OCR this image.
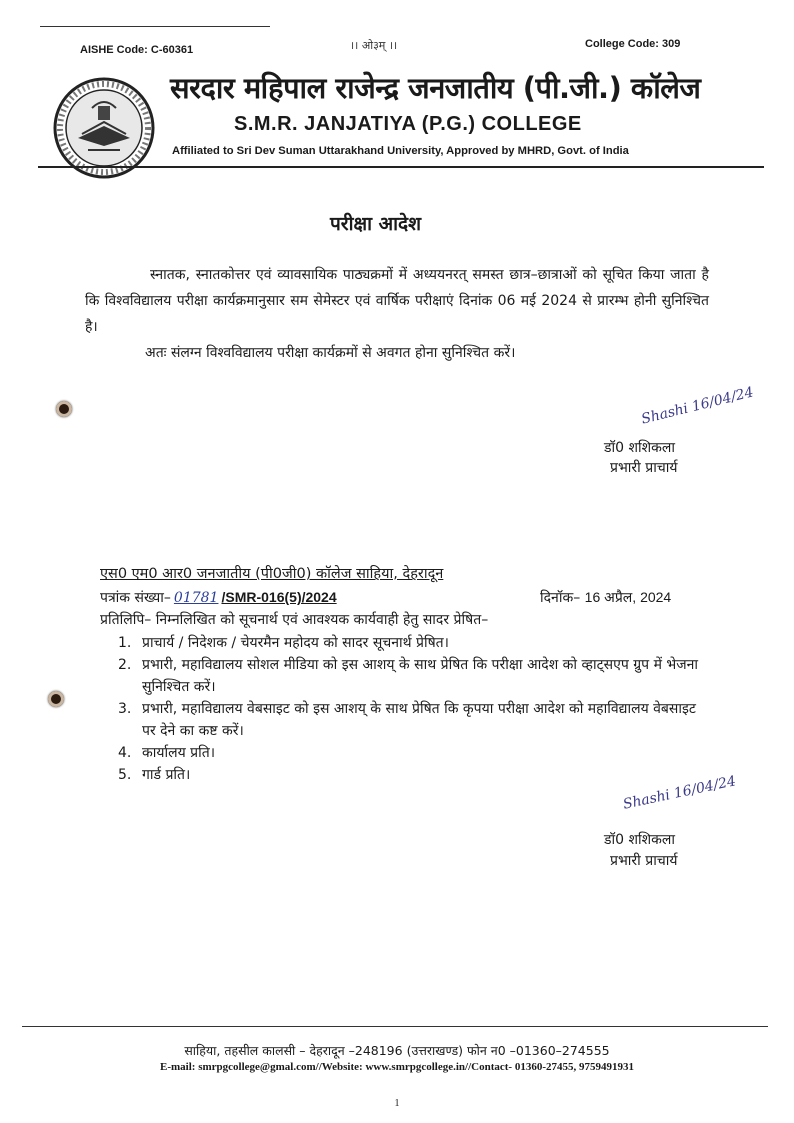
AISHE Code: C-60361	।। ओ३म् ।।	College Code: 309
सरदार महिपाल राजेन्द्र जनजातीय (पी.जी.) कॉलेज
S.M.R. JANJATIYA (P.G.) COLLEGE
Affiliated to Sri Dev Suman Uttarakhand University, Approved by MHRD, Govt. of India
परीक्षा आदेश
स्नातक, स्नातकोत्तर एवं व्यावसायिक पाठ्यक्रमों में अध्ययनरत् समस्त छात्र–छात्राओं को सूचित किया जाता है कि विश्वविद्यालय परीक्षा कार्यक्रमानुसार सम सेमेस्टर एवं वार्षिक परीक्षाएं दिनांक 06 मई 2024 से प्रारम्भ होनी सुनिश्चित है।
अतः संलग्न विश्वविद्यालय परीक्षा कार्यक्रमों से अवगत होना सुनिश्चित करें।
Shashi 16/04/24
डॉ0 शशिकला
प्रभारी प्राचार्य
एस0 एम0 आर0 जनजातीय (पी0जी0) कॉलेज साहिया, देहरादून
पत्रांक संख्या– 01781 /SMR-016(5)/2024	दिनॉक– 16 अप्रैल, 2024
प्रतिलिपि– निम्नलिखित को सूचनार्थ एवं आवश्यक कार्यवाही हेतु सादर प्रेषित–
1. प्राचार्य / निदेशक / चेयरमैन महोदय को सादर सूचनार्थ प्रेषित।
2. प्रभारी, महाविद्यालय सोशल मीडिया को इस आशय् के साथ प्रेषित कि परीक्षा आदेश को व्हाट्सएप ग्रुप में भेजना सुनिश्चित करें।
3. प्रभारी, महाविद्यालय वेबसाइट को इस आशय् के साथ प्रेषित कि कृपया परीक्षा आदेश को महाविद्यालय वेबसाइट पर देने का कष्ट करें।
4. कार्यालय प्रति।
5. गार्ड प्रति।	Shashi 16/04/24
डॉ0 शशिकला
प्रभारी प्राचार्य
साहिया, तहसील कालसी – देहरादून –248196 (उत्तराखण्ड) फोन न0 –01360–274555
E-mail: smrpgcollege@gmal.com//Website: www.smrpgcollege.in//Contact- 01360-27455, 9759491931
1
